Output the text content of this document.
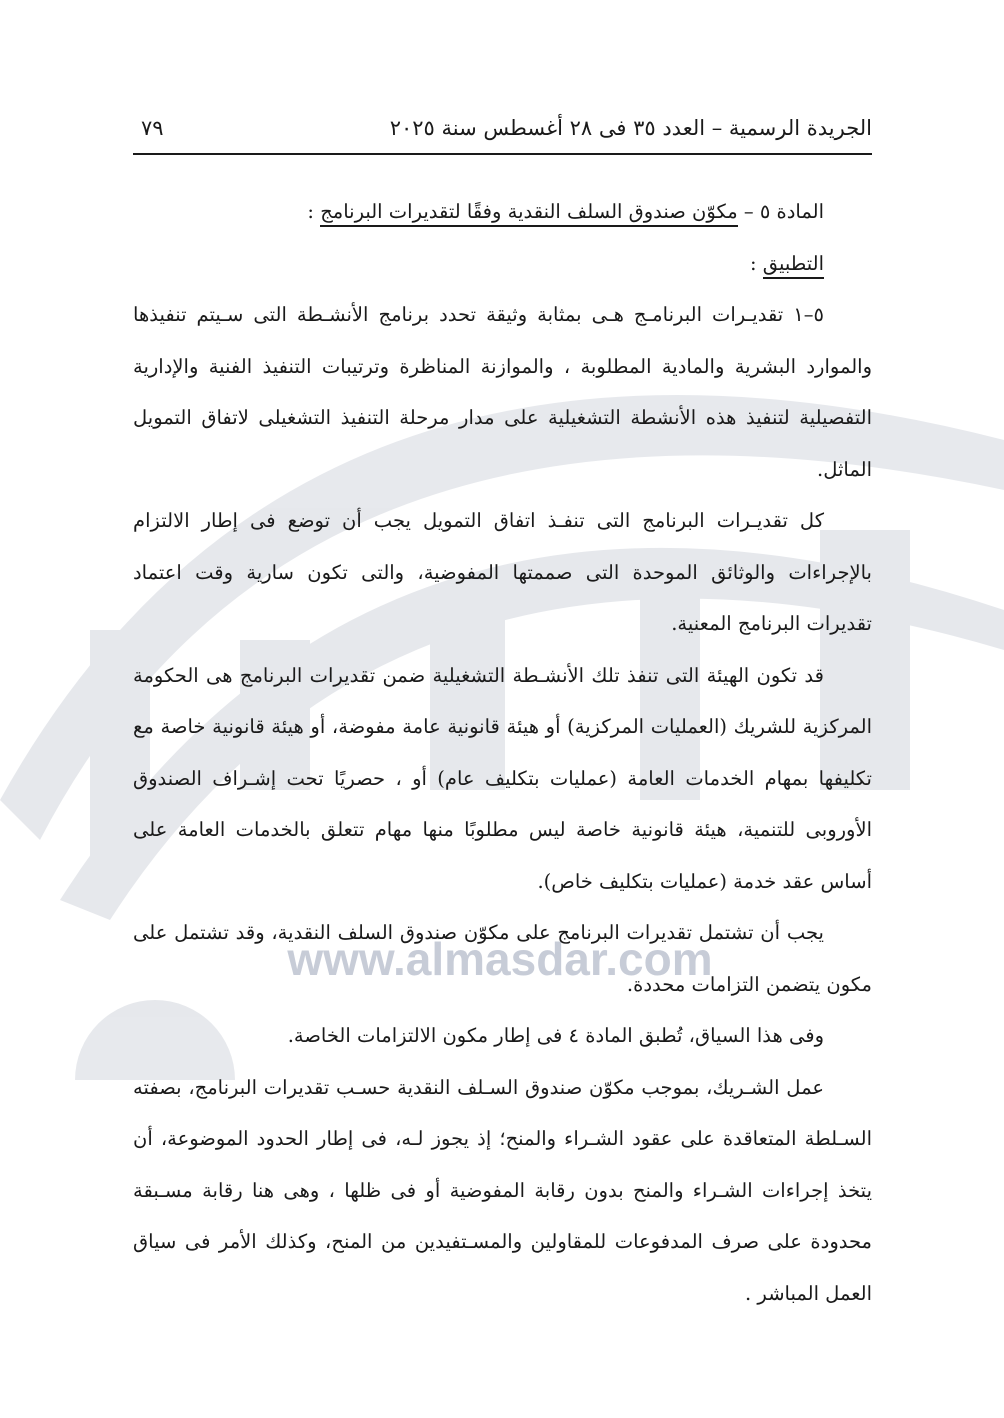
www.almasdar.com
الجريدة الرسمية – العدد ٣٥ فى ٢٨ أغسطس سنة ٢٠٢٥
٧٩

المادة ٥ – مكوّن صندوق السلف النقدية وفقًا لتقديرات البرنامج :

التطبيق :

٥–١ تقديـرات البرنامـج هـى بمثابة وثيقة تحدد برنامج الأنشـطة التى سـيتم تنفيذها والموارد البشرية والمادية المطلوبة ، والموازنة المناظرة وترتيبات التنفيذ الفنية والإدارية التفصيلية لتنفيذ هذه الأنشطة التشغيلية على مدار مرحلة التنفيذ التشغيلى لاتفاق التمويل الماثل.

كل تقديـرات البرنامج التى تنفـذ اتفاق التمويل يجب أن توضع فى إطار الالتزام بالإجراءات والوثائق الموحدة التى صممتها المفوضية، والتى تكون سارية وقت اعتماد تقديرات البرنامج المعنية.

قد تكون الهيئة التى تنفذ تلك الأنشـطة التشغيلية ضمن تقديرات البرنامج هى الحكومة المركزية للشريك (العمليات المركزية) أو هيئة قانونية عامة مفوضة، أو هيئة قانونية خاصة مع تكليفها بمهام الخدمات العامة (عمليات بتكليف عام) أو ، حصريًا تحت إشـراف الصندوق الأوروبى للتنمية، هيئة قانونية خاصة ليس مطلوبًا منها مهام تتعلق بالخدمات العامة على أساس عقد خدمة (عمليات بتكليف خاص).

يجب أن تشتمل تقديرات البرنامج على مكوّن صندوق السلف النقدية، وقد تشتمل على مكون يتضمن التزامات محددة.

وفى هذا السياق، تُطبق المادة ٤ فى إطار مكون الالتزامات الخاصة.

عمل الشـريك، بموجب مكوّن صندوق السـلف النقدية حسـب تقديرات البرنامج، بصفته السـلطة المتعاقدة على عقود الشـراء والمنح؛ إذ يجوز لـه، فى إطار الحدود الموضوعة، أن يتخذ إجراءات الشـراء والمنح بدون رقابة المفوضية أو فى ظلها ، وهى هنا رقابة مسـبقة محدودة على صرف المدفوعات للمقاولين والمسـتفيدين من المنح، وكذلك الأمر فى سياق العمل المباشر .
